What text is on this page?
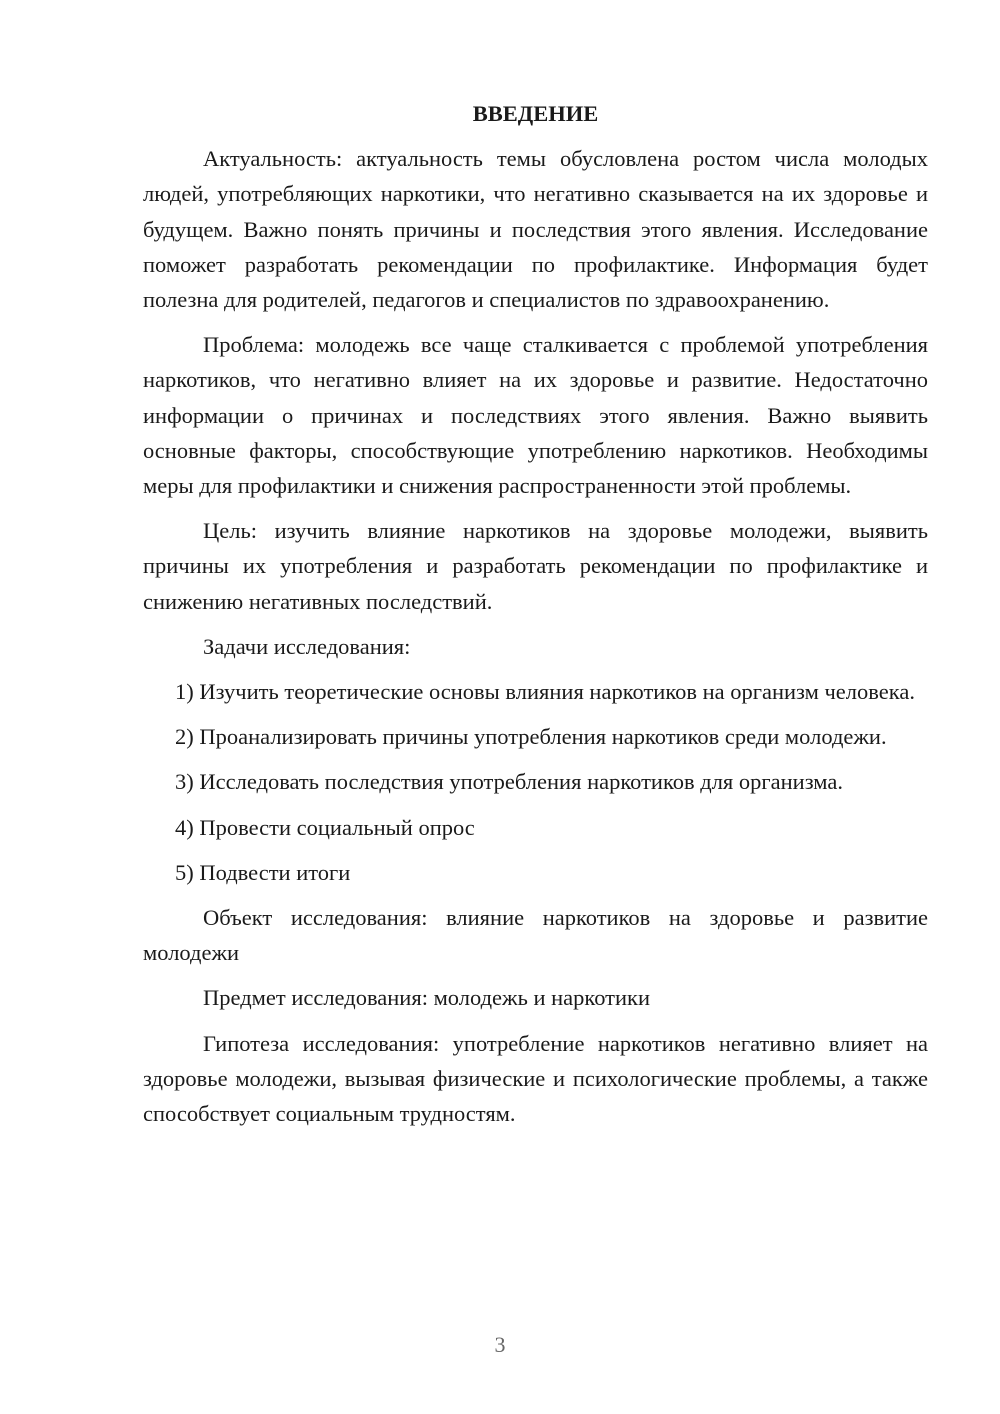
ВВЕДЕНИЕ

Актуальность: актуальность темы обусловлена ростом числа молодых людей, употребляющих наркотики, что негативно сказывается на их здоровье и будущем. Важно понять причины и последствия этого явления. Исследование поможет разработать рекомендации по профилактике. Информация будет полезна для родителей, педагогов и специалистов по здравоохранению.

Проблема: молодежь все чаще сталкивается с проблемой употребления наркотиков, что негативно влияет на их здоровье и развитие. Недостаточно информации о причинах и последствиях этого явления. Важно выявить основные факторы, способствующие употреблению наркотиков. Необходимы меры для профилактики и снижения распространенности этой проблемы.

Цель: изучить влияние наркотиков на здоровье молодежи, выявить причины их употребления и разработать рекомендации по профилактике и снижению негативных последствий.

Задачи исследования:

1) Изучить теоретические основы влияния наркотиков на организм человека.

2) Проанализировать причины употребления наркотиков среди молодежи.

3) Исследовать последствия употребления наркотиков для организма.

4) Провести социальный опрос

5) Подвести итоги

Объект исследования: влияние наркотиков на здоровье и развитие молодежи

Предмет исследования: молодежь и наркотики

Гипотеза исследования: употребление наркотиков негативно влияет на здоровье молодежи, вызывая физические и психологические проблемы, а также способствует социальным трудностям.

3
